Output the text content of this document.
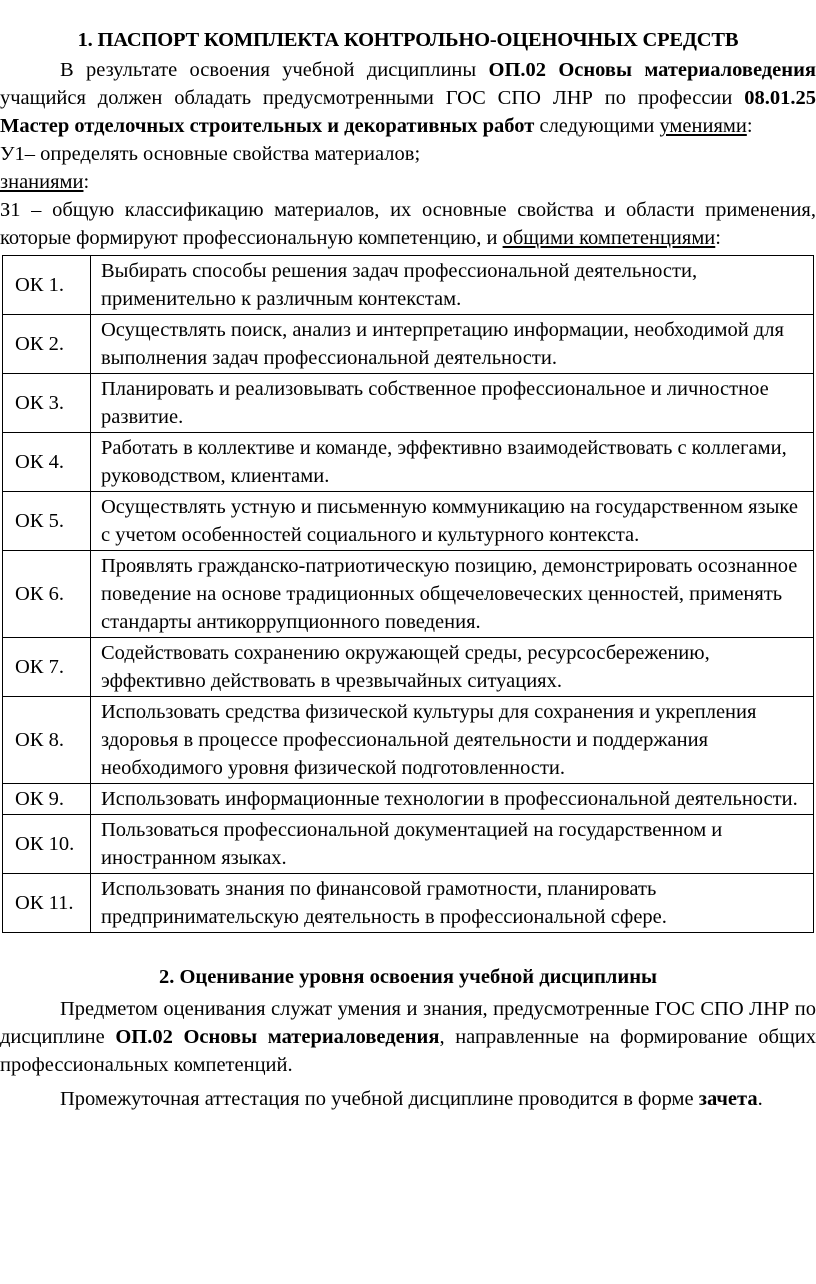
1. ПАСПОРТ КОМПЛЕКТА КОНТРОЛЬНО-ОЦЕНОЧНЫХ СРЕДСТВ

В результате освоения учебной дисциплины ОП.02 Основы материаловедения учащийся должен обладать предусмотренными ГОС СПО ЛНР по профессии 08.01.25 Мастер отделочных строительных и декоративных работ следующими умениями:

У1– определять основные свойства материалов;

знаниями:

З1 – общую классификацию материалов, их основные свойства и области применения, которые формируют профессиональную компетенцию, и общими компетенциями:

ОК 1.	Выбирать способы решения задач профессиональной деятельности, применительно к различным контекстам.
ОК 2.	Осуществлять поиск, анализ и интерпретацию информации, необходимой для выполнения задач профессиональной деятельности.
ОК 3.	Планировать и реализовывать собственное профессиональное и личностное развитие.
ОК 4.	Работать в коллективе и команде, эффективно взаимодействовать с коллегами, руководством, клиентами.
ОК 5.	Осуществлять устную и письменную коммуникацию на государственном языке с учетом особенностей социального и культурного контекста.
ОК 6.	Проявлять гражданско-патриотическую позицию, демонстрировать осознанное поведение на основе традиционных общечеловеческих ценностей, применять стандарты антикоррупционного поведения.
ОК 7.	Содействовать сохранению окружающей среды, ресурсосбережению, эффективно действовать в чрезвычайных ситуациях.
ОК 8.	Использовать средства физической культуры для сохранения и укрепления здоровья в процессе профессиональной деятельности и поддержания необходимого уровня физической подготовленности.
ОК 9.	Использовать информационные технологии в профессиональной деятельности.
ОК 10.	Пользоваться профессиональной документацией на государственном и иностранном языках.
ОК 11.	Использовать знания по финансовой грамотности, планировать предпринимательскую деятельность в профессиональной сфере.
2. Оценивание уровня освоения учебной дисциплины

Предметом оценивания служат умения и знания, предусмотренные ГОС СПО ЛНР по дисциплине ОП.02 Основы материаловедения, направленные на формирование общих профессиональных компетенций.

Промежуточная аттестация по учебной дисциплине проводится в форме зачета.
